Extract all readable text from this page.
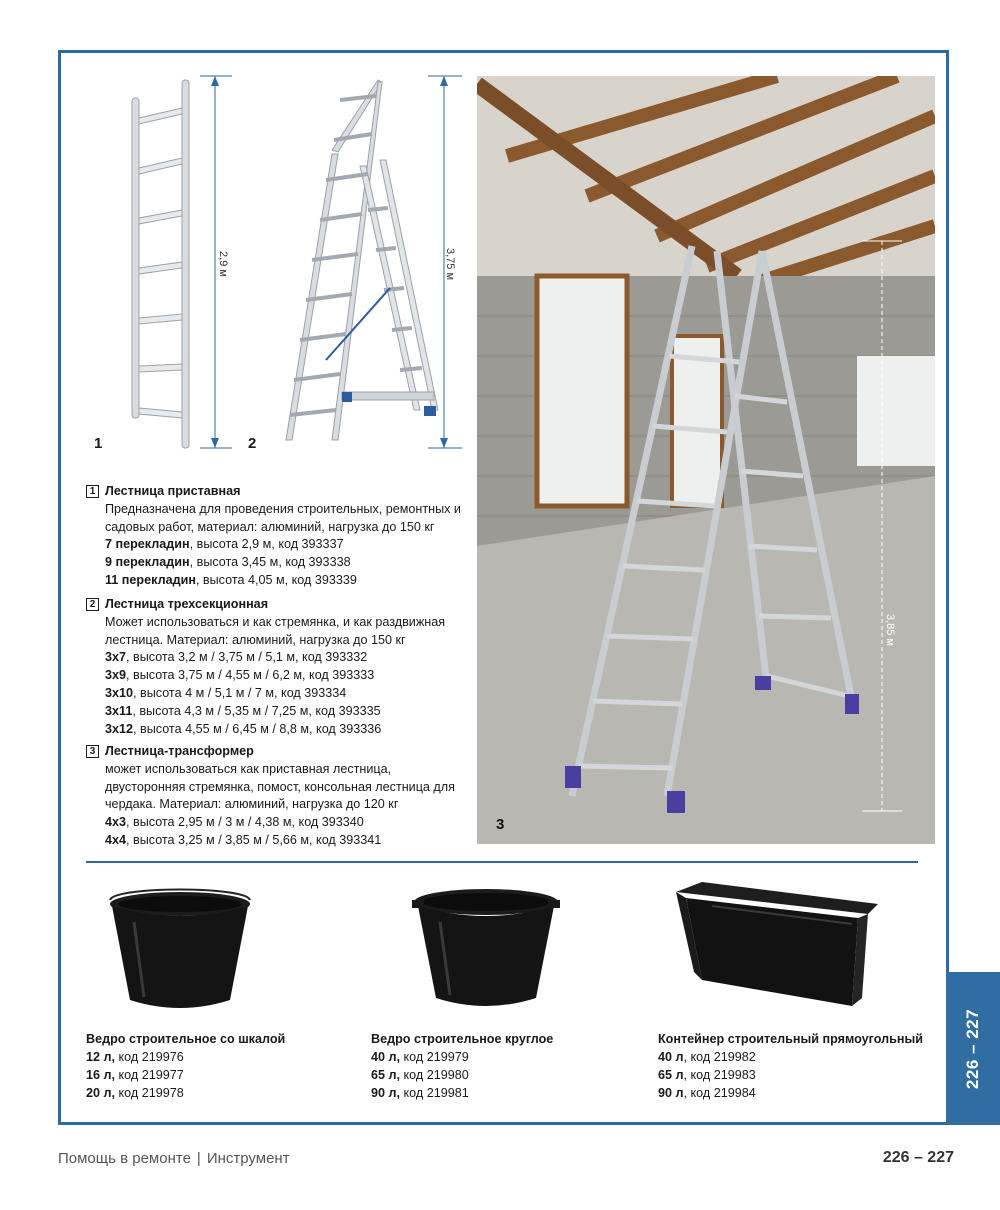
226 – 227
2,9 м
1
3,75 м
2
3,85 м
3
1 Лестница приставная
Предназначена для проведения строительных, ремонтных и садовых работ, материал: алюминий, нагрузка до 150 кг
7 перекладин, высота 2,9 м, код 393337
9 перекладин, высота 3,45 м, код 393338
11 перекладин, высота 4,05 м, код 393339
2 Лестница трехсекционная
Может использоваться и как стремянка, и как раздвижная лестница. Материал: алюминий, нагрузка до 150 кг
3x7, высота 3,2 м / 3,75 м / 5,1 м, код 393332
3x9, высота 3,75 м / 4,55 м / 6,2 м, код 393333
3x10, высота 4 м / 5,1 м / 7 м, код 393334
3x11, высота 4,3 м / 5,35 м / 7,25 м, код 393335
3x12, высота 4,55 м / 6,45 м / 8,8 м, код 393336
3 Лестница-трансформер
может использоваться как приставная лестница, двусторонняя стремянка, помост, консольная лестница для чердака. Материал: алюминий, нагрузка до 120 кг
4x3, высота 2,95 м / 3 м / 4,38 м, код 393340
4x4, высота 3,25 м / 3,85 м / 5,66 м, код 393341
Ведро строительное со шкалой
12 л, код 219976
16 л, код 219977
20 л, код 219978
Ведро строительное круглое
40 л, код 219979
65 л, код 219980
90 л, код 219981
Контейнер строительный прямоугольный
40 л, код 219982
65 л, код 219983
90 л, код 219984
Помощь в ремонте | Инструмент	226 – 227
